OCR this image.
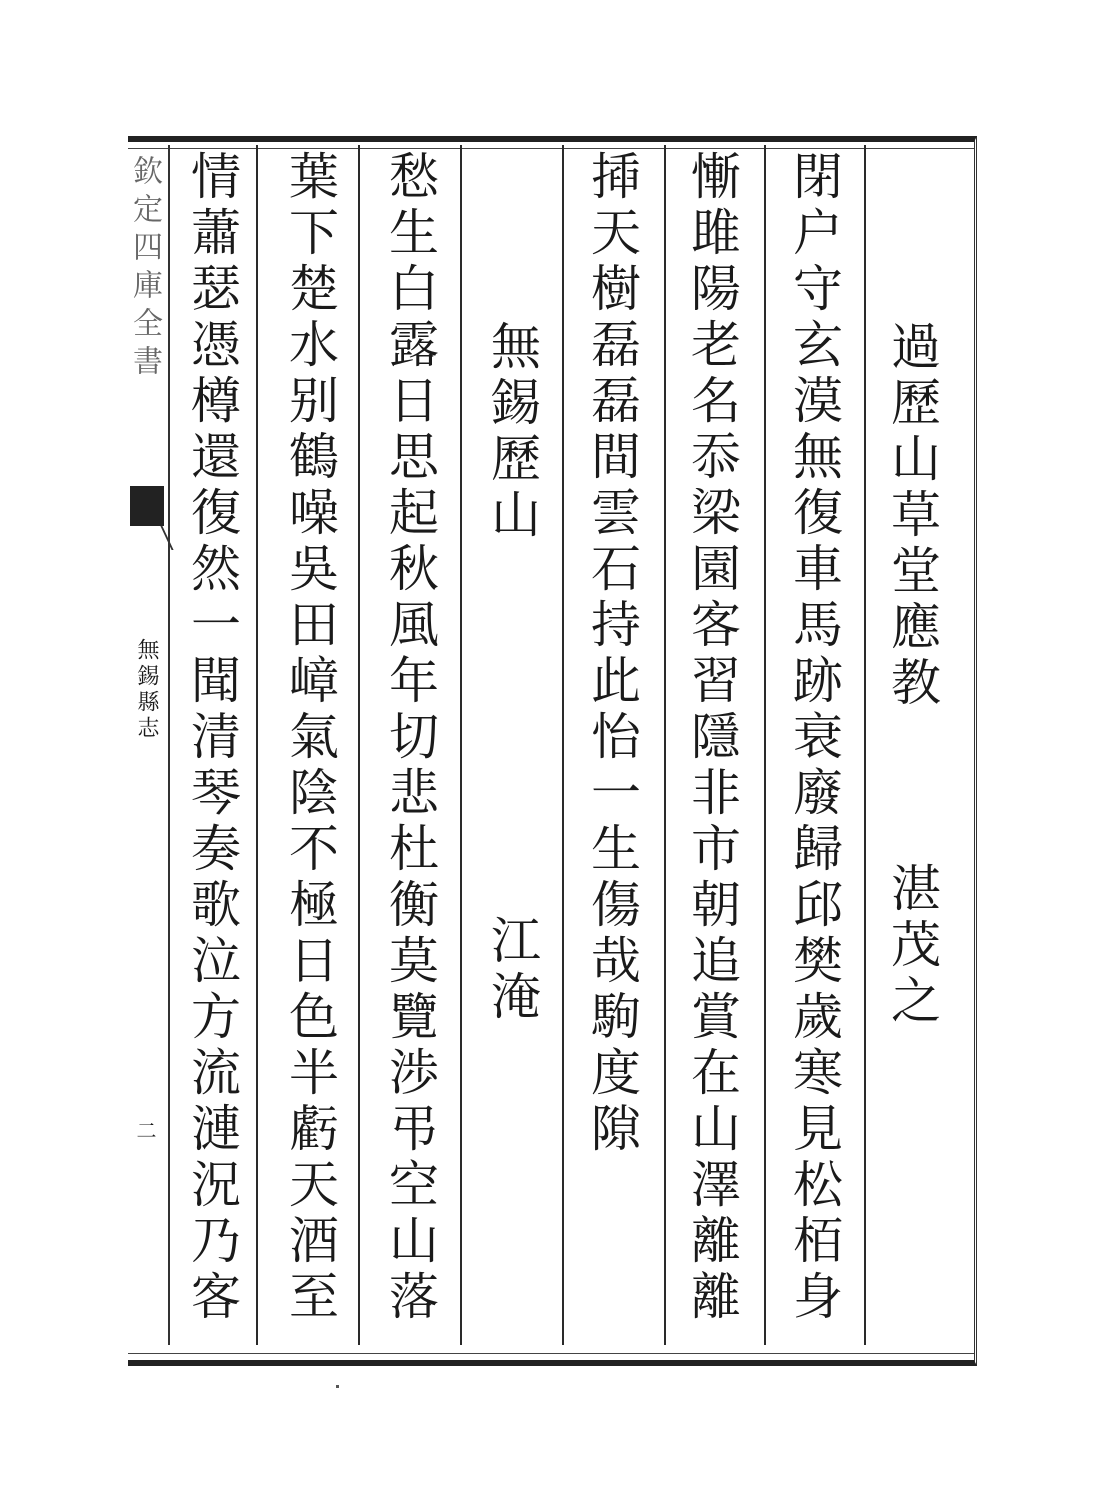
欽定四庫全書
無錫縣志
二
過歷山草堂應教湛茂之
閉户守玄漠無復車馬跡衰廢歸邱樊歲寒見松栢身
慚雎陽老名忝梁園客習隱非市朝追賞在山澤離離
揷天樹磊磊間雲石持此怡一生傷哉駒度隙
無錫歷山江淹
愁生白露日思起秋風年切悲杜衡莫覽渉弔空山落
葉下楚水别鶴噪吳田嶂氣陰不極日色半虧天酒至
情蕭瑟憑樽還復然一聞清琴奏歌泣方流漣況乃客
